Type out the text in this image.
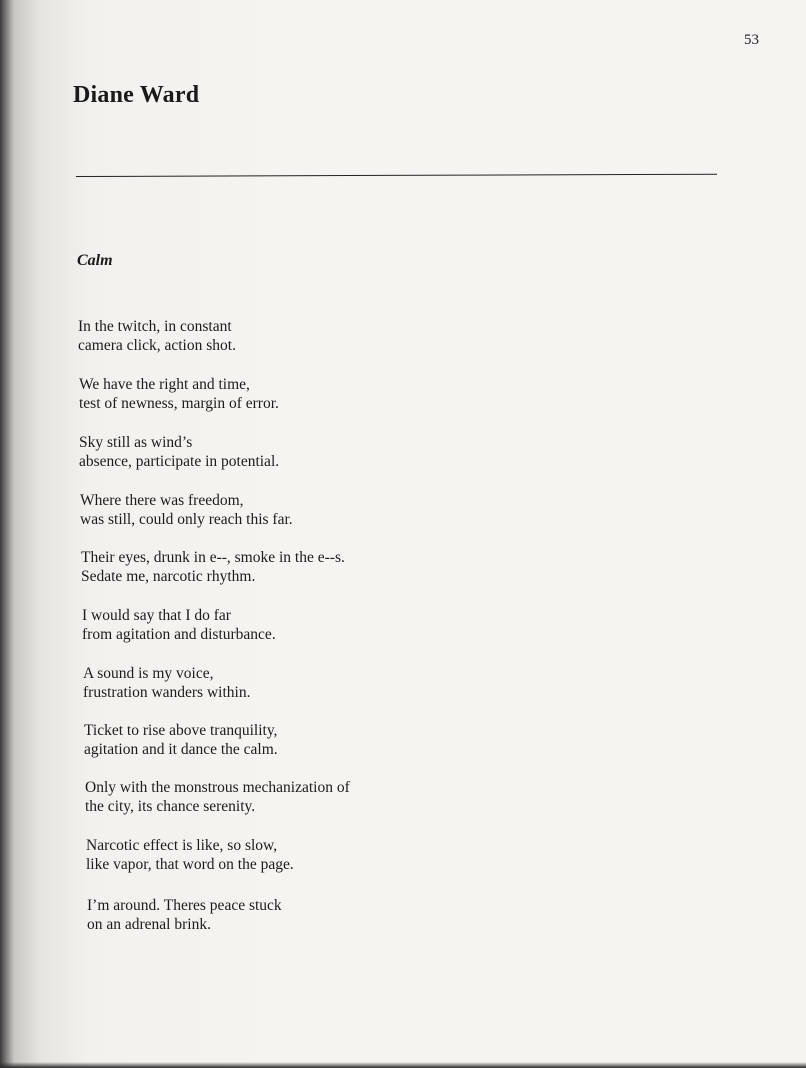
53
Diane Ward
Calm
In the twitch, in constant
camera click, action shot.
We have the right and time,
test of newness, margin of error.
Sky still as wind’s
absence, participate in potential.
Where there was freedom,
was still, could only reach this far.
Their eyes, drunk in e--, smoke in the e--s.
Sedate me, narcotic rhythm.
I would say that I do far
from agitation and disturbance.
A sound is my voice,
frustration wanders within.
Ticket to rise above tranquility,
agitation and it dance the calm.
Only with the monstrous mechanization of
the city, its chance serenity.
Narcotic effect is like, so slow,
like vapor, that word on the page.
I’m around. Theres peace stuck
on an adrenal brink.
